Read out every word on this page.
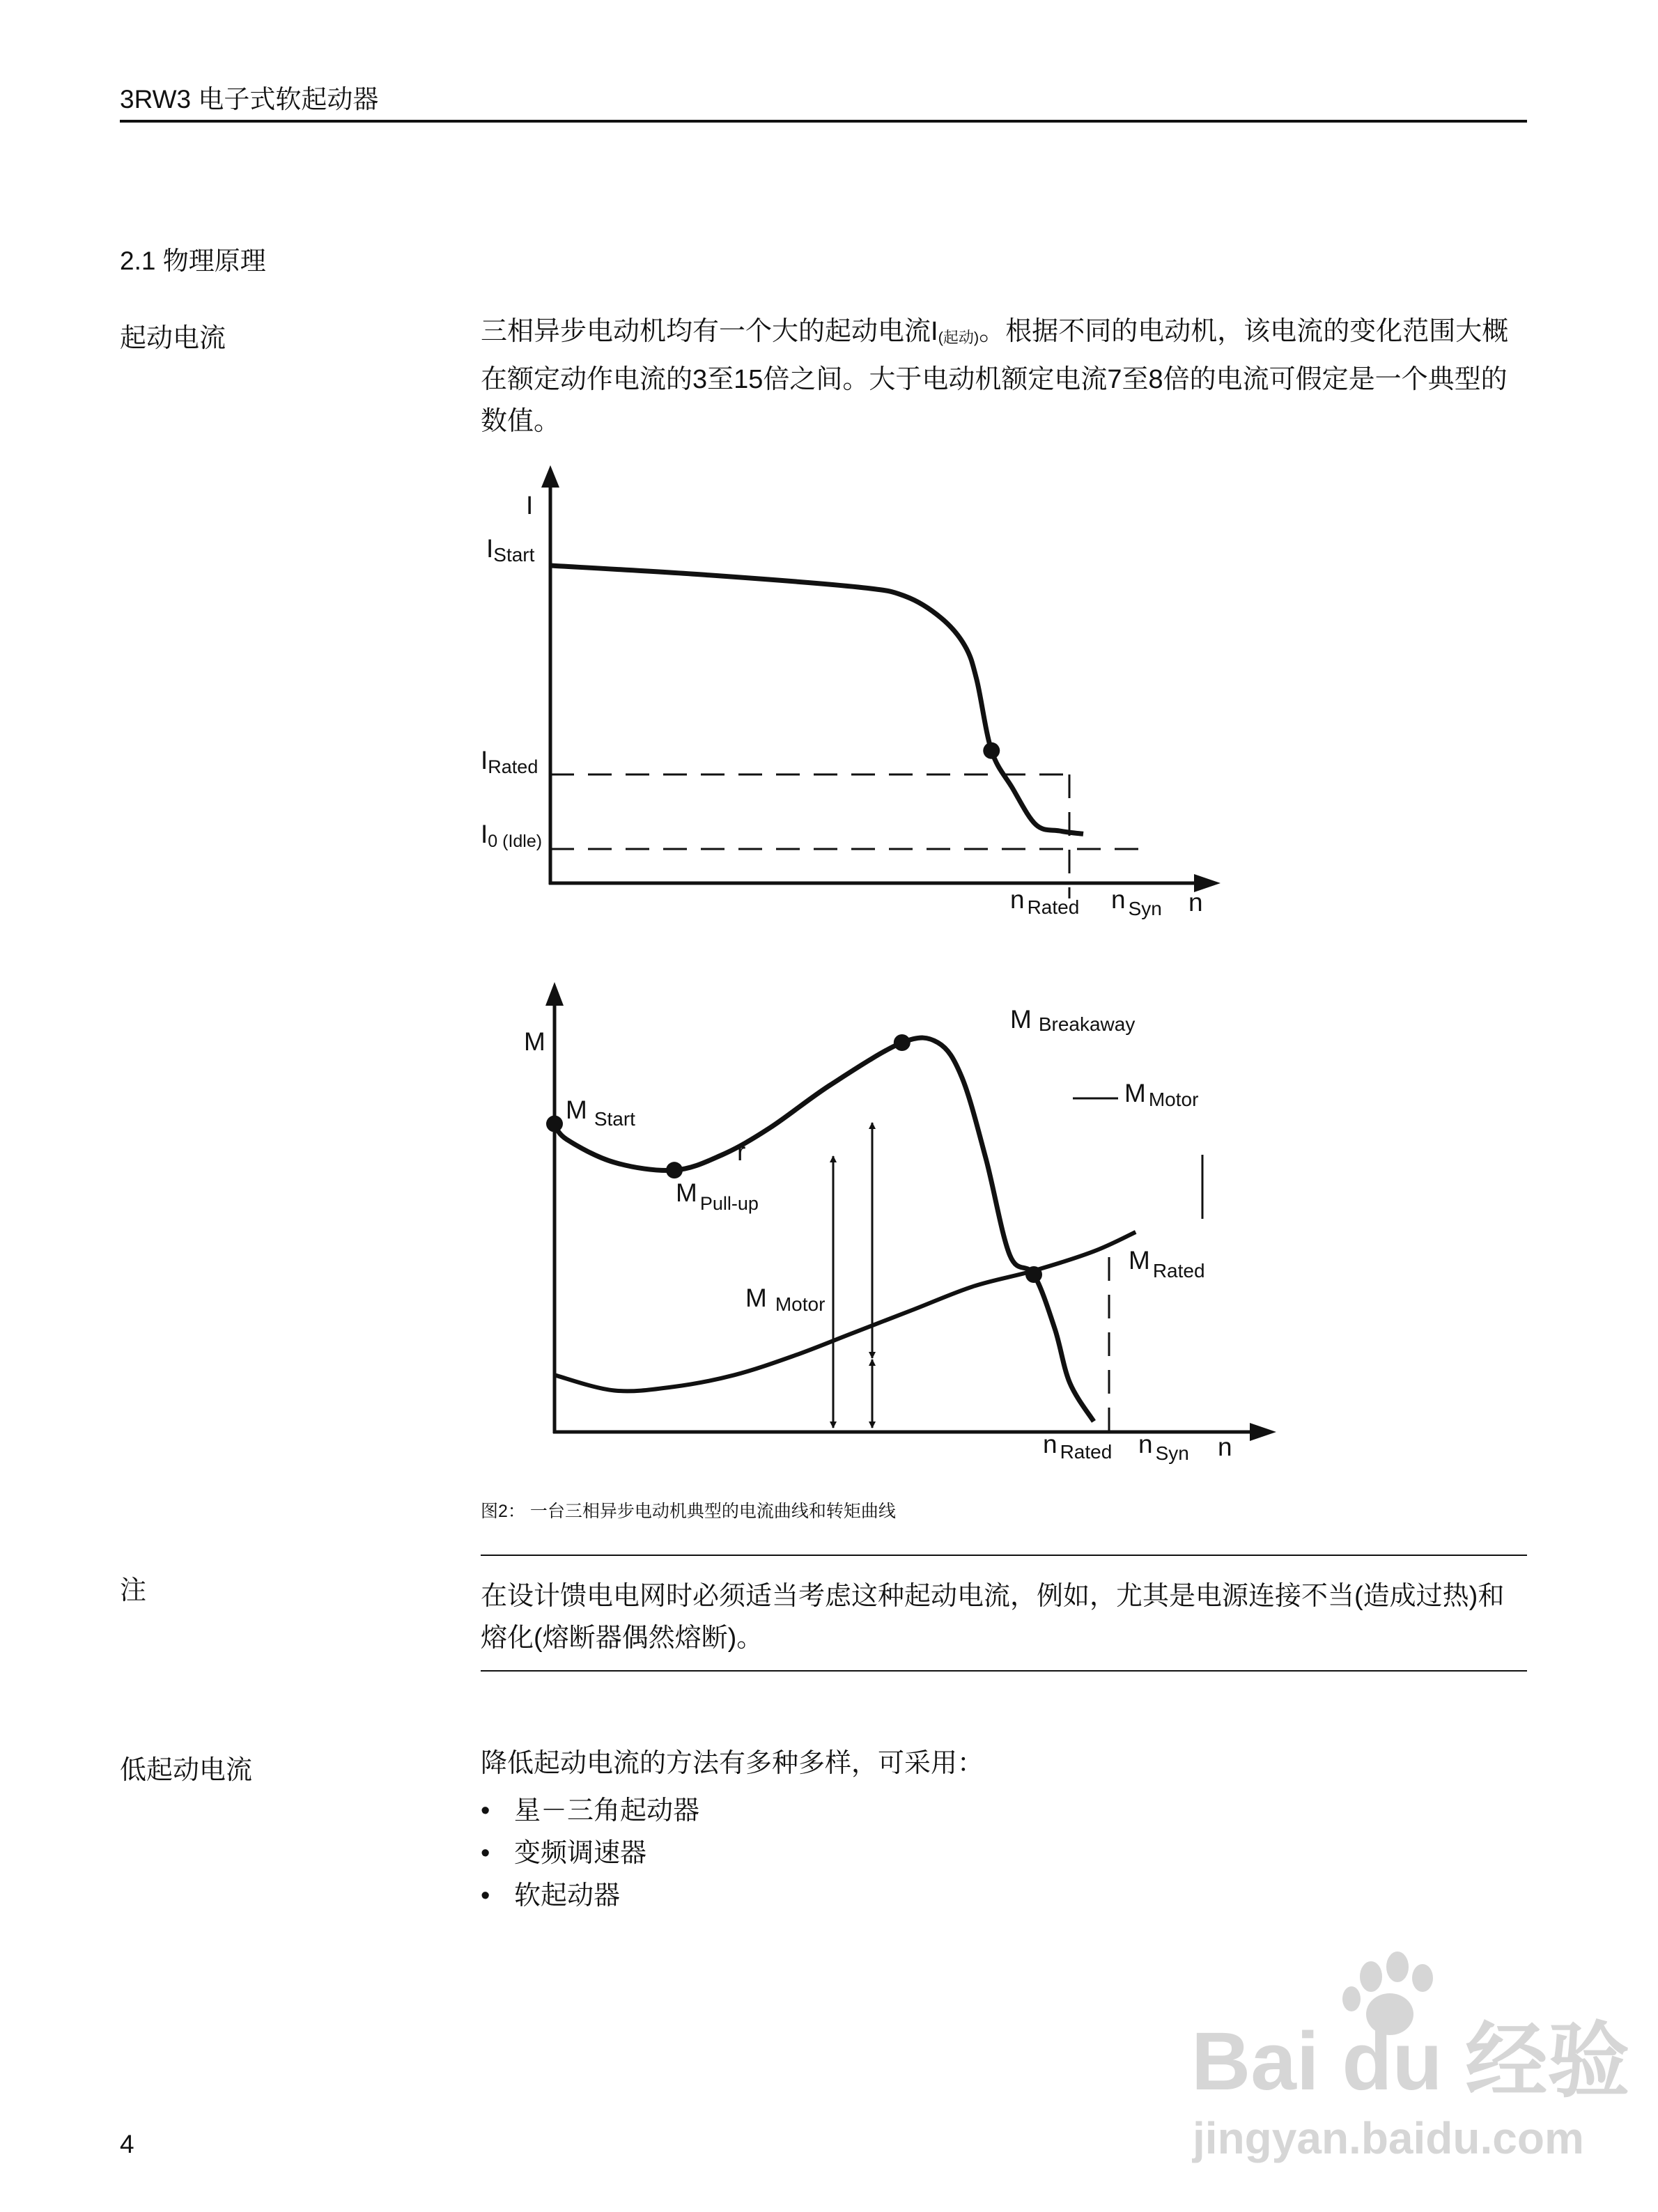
3RW3 电子式软起动器
2.1 物理原理
起动电流	三相异步电动机均有一个大的起动电流$I_{(起动)}$。根据不同的电动机，该电流的变化范围大概在额定动作电流的3至15倍之间。大于电动机额定电流7至8倍的电流可假定是一个典型的数值。

I
IStart
IRated
I0 (Idle)
n $_{Rated}$ n $_{Syn}$ n
M
M $_{Start}$
M $_{Pull-up}$
M Breakaway
M $_{Rated}$
M Motor
M Motor
r
n $_{Rated}$ n $_{Syn}$ n
Bai du 经验
jingyan.baidu.com
图2： 一台三相异步电动机典型的电流曲线和转矩曲线
注	在设计馈电电网时必须适当考虑这种起动电流，例如，尤其是电源连接不当(造成过热)和熔化(熔断器偶然熔断)。

低起动电流	降低起动电流的方法有多种多样，可采用：

• 星－三角起动器
• 变频调速器
• 软起动器
4
